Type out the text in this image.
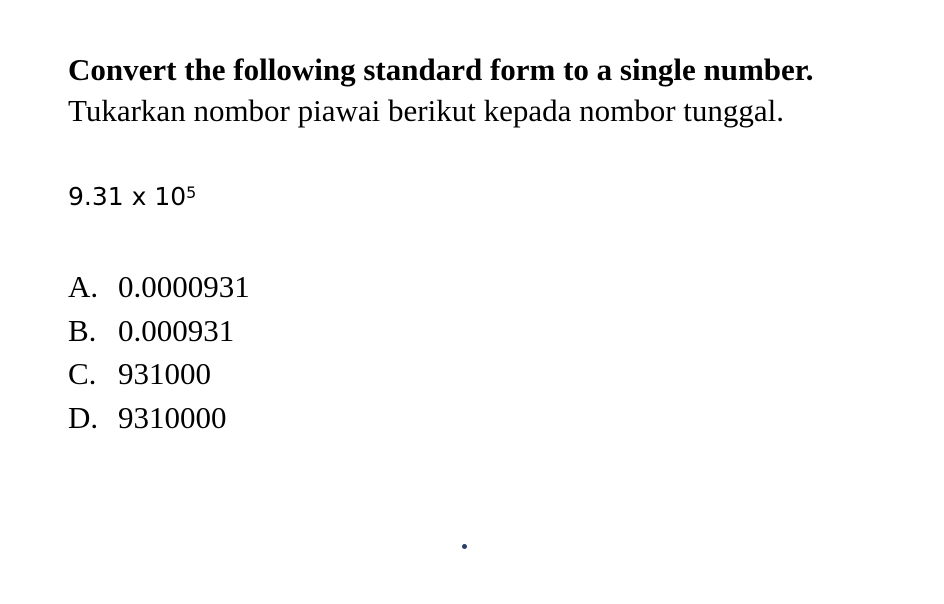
Convert the following standard form to a single number.
Tukarkan nombor piawai berikut kepada nombor tunggal.
9.31 x $10^5$
A. 0.0000931
B. 0.000931
C. 931000
D. 9310000
